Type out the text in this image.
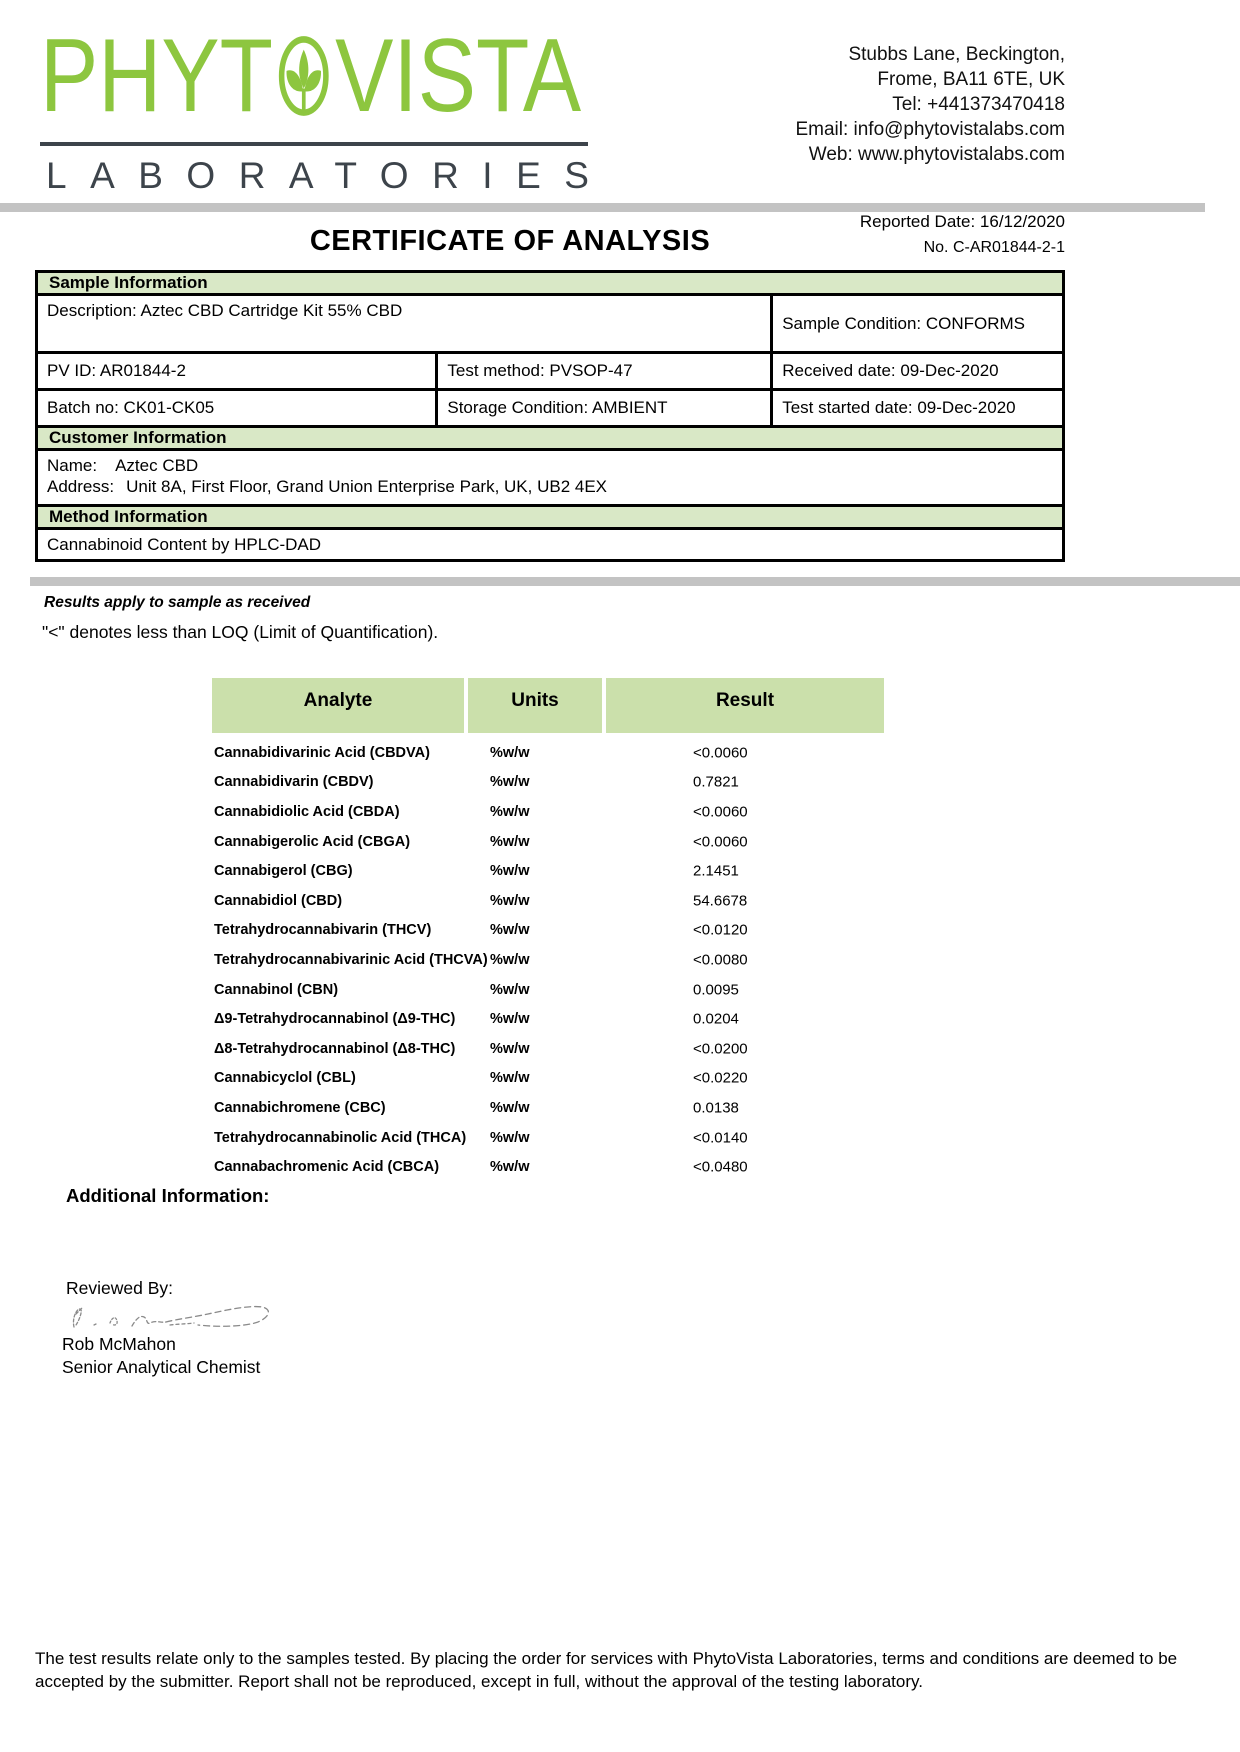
PHYT VISTA
LABORATORIES
Stubbs Lane, Beckington,
Frome, BA11 6TE, UK
Tel: +441373470418
Email: info@phytovistalabs.com
Web: www.phytovistalabs.com
Reported Date: 16/12/2020
CERTIFICATE OF ANALYSIS	No. C-AR01844-2-1
Sample Information
Description: Aztec CBD Cartridge Kit 55% CBD
Sample Condition: CONFORMS
PV ID: AR01844-2	Test method: PVSOP-47	Received date: 09-Dec-2020
Batch no: CK01-CK05	Storage Condition: AMBIENT	Test started date: 09-Dec-2020
Customer Information
Name: Aztec CBD
Address: Unit 8A, First Floor, Grand Union Enterprise Park, UK, UB2 4EX
Method Information
Cannabinoid Content by HPLC-DAD
Results apply to sample as received
"<" denotes less than LOQ (Limit of Quantification).
Analyte	Units	Result
Cannabidivarinic Acid (CBDVA)	%w/w	<0.0060
Cannabidivarin (CBDV)	%w/w	0.7821
Cannabidiolic Acid (CBDA)	%w/w	<0.0060
Cannabigerolic Acid (CBGA)	%w/w	<0.0060
Cannabigerol (CBG)	%w/w	2.1451
Cannabidiol (CBD)	%w/w	54.6678
Tetrahydrocannabivarin (THCV)	%w/w	<0.0120
Tetrahydrocannabivarinic Acid (THCVA) %w/w	<0.0080
Cannabinol (CBN)	%w/w	0.0095
Δ9-Tetrahydrocannabinol (Δ9-THC) %w/w	0.0204
Δ8-Tetrahydrocannabinol (Δ8-THC) %w/w	<0.0200
Cannabicyclol (CBL)	%w/w	<0.0220
Cannabichromene (CBC)	%w/w	0.0138
Tetrahydrocannabinolic Acid (THCA) %w/w	<0.0140
Cannabachromenic Acid (CBCA)	%w/w	<0.0480
Additional Information:
Reviewed By:
Rob McMahon
Senior Analytical Chemist
The test results relate only to the samples tested. By placing the order for services with PhytoVista Laboratories, terms and conditions are deemed to be accepted by the submitter. Report shall not be reproduced, except in full, without the approval of the testing laboratory.
